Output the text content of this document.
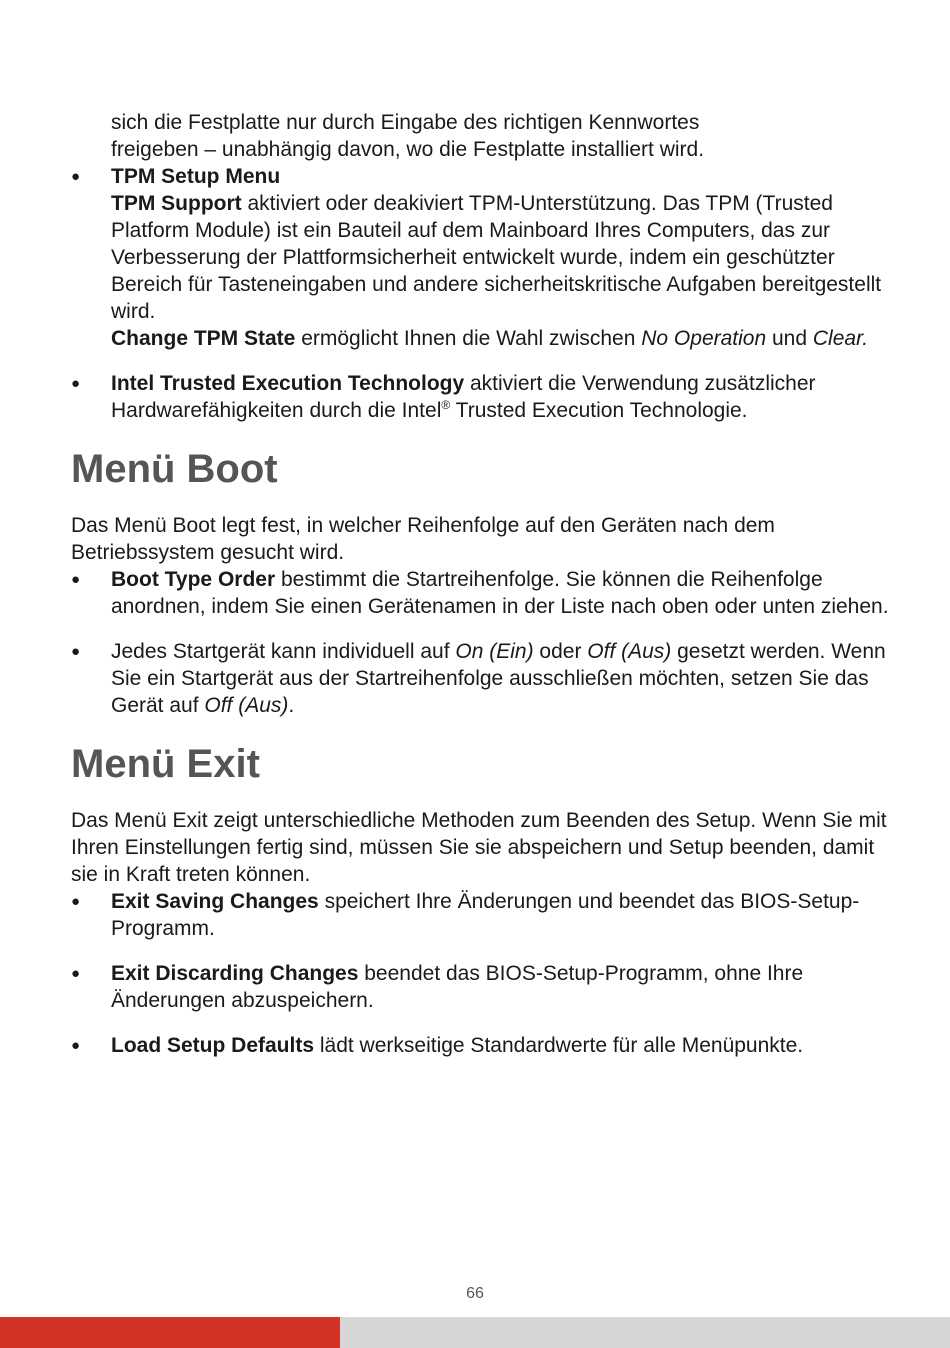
sich die Festplatte nur durch Eingabe des richtigen Kennwortes
freigeben – unabhängig davon, wo die Festplatte installiert wird.
● TPM Setup Menu
TPM Support aktiviert oder deakiviert TPM-Unterstützung. Das TPM (Trusted Platform Module) ist ein Bauteil auf dem Mainboard Ihres Computers, das zur Verbesserung der Plattformsicherheit entwickelt wurde, indem ein geschützter Bereich für Tasteneingaben und andere sicherheitskritische Aufgaben bereitgestellt wird.
Change TPM State ermöglicht Ihnen die Wahl zwischen No Operation und Clear.
● Intel Trusted Execution Technology aktiviert die Verwendung zusätzlicher Hardwarefähigkeiten durch die Intel® Trusted Execution Technologie.
Menü Boot

Das Menü Boot legt fest, in welcher Reihenfolge auf den Geräten nach dem Betriebssystem gesucht wird.

● Boot Type Order bestimmt die Startreihenfolge. Sie können die Reihenfolge anordnen, indem Sie einen Gerätenamen in der Liste nach oben oder unten ziehen.
● Jedes Startgerät kann individuell auf On (Ein) oder Off (Aus) gesetzt werden. Wenn Sie ein Startgerät aus der Startreihenfolge ausschließen möchten, setzen Sie das Gerät auf Off (Aus).
Menü Exit

Das Menü Exit zeigt unterschiedliche Methoden zum Beenden des Setup. Wenn Sie mit Ihren Einstellungen fertig sind, müssen Sie sie abspeichern und Setup beenden, damit sie in Kraft treten können.

● Exit Saving Changes speichert Ihre Änderungen und beendet das BIOS-Setup-Programm.
● Exit Discarding Changes beendet das BIOS-Setup-Programm, ohne Ihre Änderungen abzuspeichern.
● Load Setup Defaults lädt werkseitige Standardwerte für alle Menüpunkte.
66
